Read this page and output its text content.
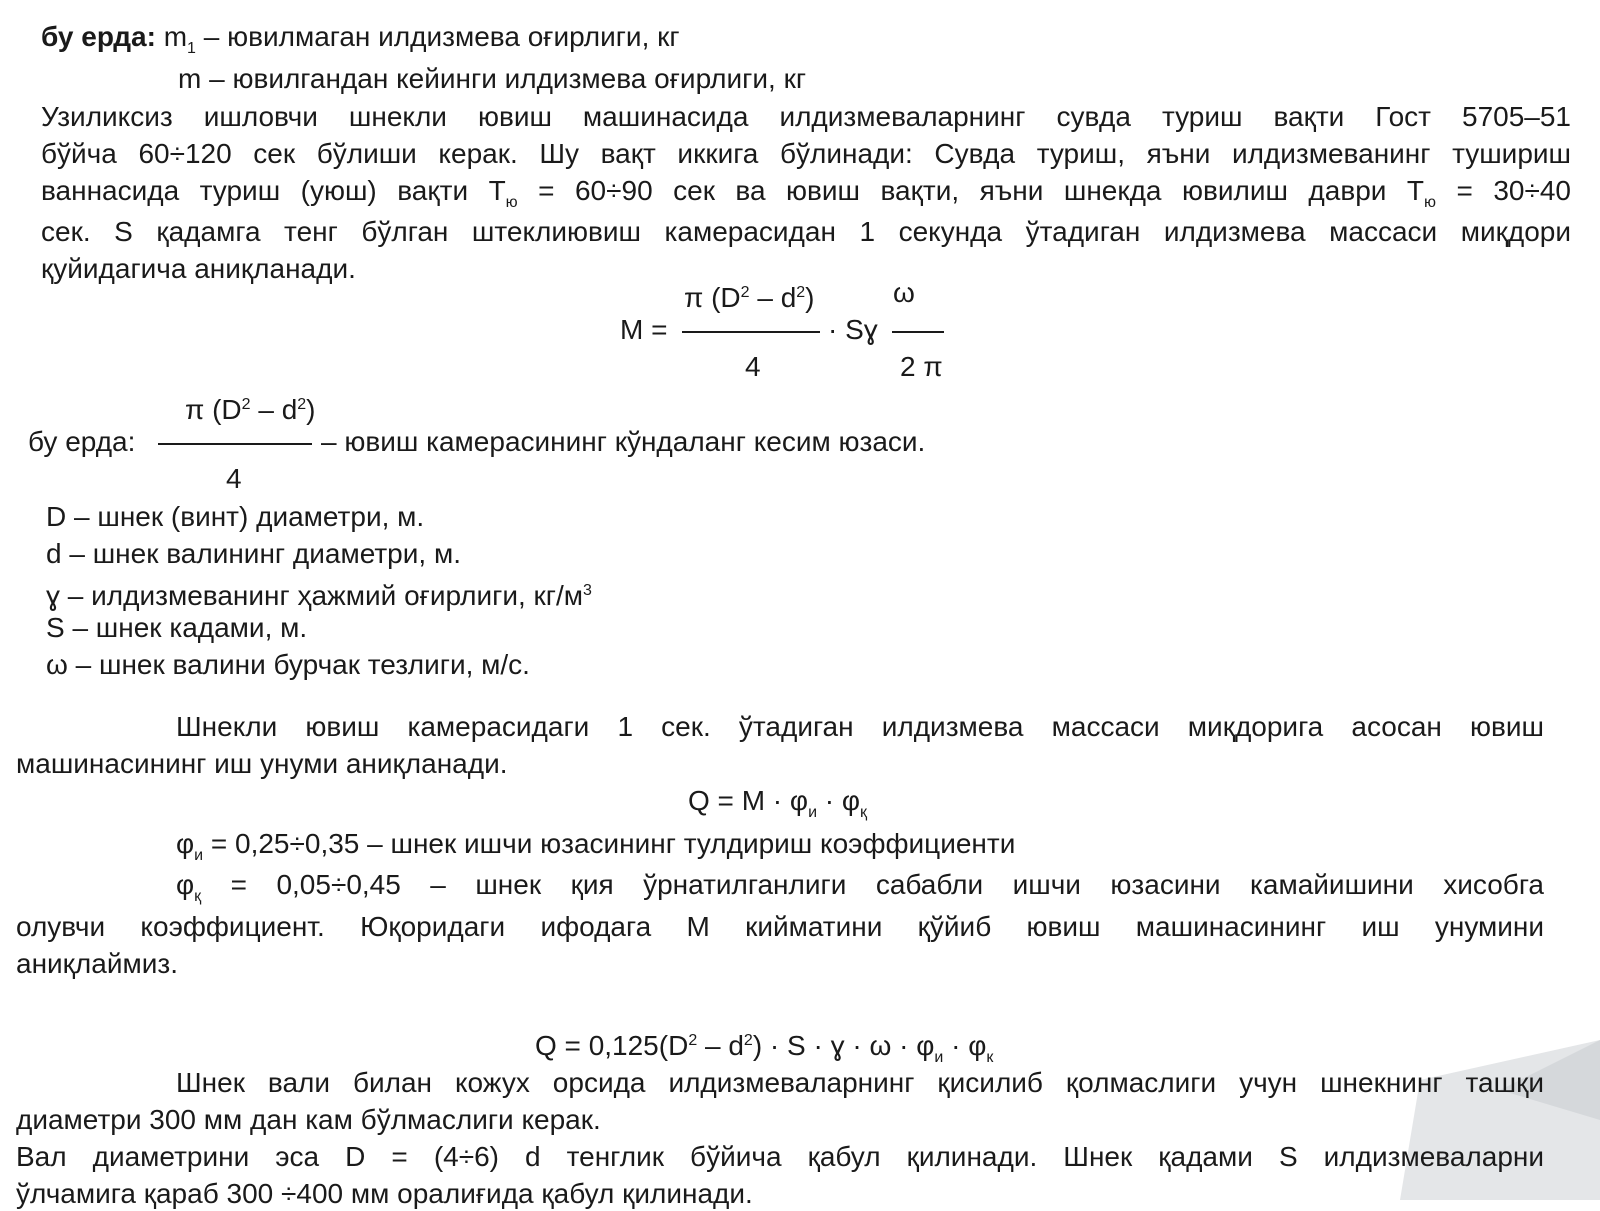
бу ерда: $m_1$ – ювилмаган илдизмева оғирлиги, кг
m – ювилгандан кейинги илдизмева оғирлиги, кг
Узиликсиз ишловчи шнекли ювиш машинасида илдизмеваларнинг сувда туриш вақти Гост 5705–51
бўйча 60÷120 сек бўлиши керак. Шу вақт иккига бўлинади: Сувда туриш, яъни илдизмеванинг тушириш
ваннасида туриш (уюш) вақти $Т_ю = 60\div 90$ сек ва ювиш вақти, яъни шнекда ювилиш даври $Т_ю = 30\div 40$
сек. S қадамга тенг бўлган штеклиювиш камерасидан 1 секунда ўтадиган илдизмева массаси миқдори
қуйидагича аниқланади.
π $(D^2 - d^2)$	ω
M =	· Sɣ
4	2 π
π $(D^2 - d^2)$
бу ерда:	– ювиш камерасининг кўндаланг кесим юзаси.
4
D – шнек (винт) диаметри, м.
d – шнек валининг диаметри, м.
ɣ – илдизмеванинг ҳажмий оғирлиги, $кг/м^3$
S – шнек кадами, м.
ω – шнек валини бурчак тезлиги, м/с.
Шнекли ювиш камерасидаги 1 сек. ўтадиган илдизмева массаси миқдорига асосан ювиш
машинасининг иш унуми аниқланади.
$Q = M \cdot \varphi_и \cdot \varphi_қ$
$\varphi_и = 0,25\div 0,35$ – шнек ишчи юзасининг тулдириш коэффициенти
$\varphi_қ = 0,05\div 0,45$ – шнек қия ўрнатилганлиги сабабли ишчи юзасини камайишини хисобга
олувчи коэффициент. Юқоридаги ифодага М кийматини қўйиб ювиш машинасининг иш унумини
аниқлаймиз.
$Q = 0,125(D^2 - d^2) \cdot S$ · ɣ · $\omega \cdot \varphi_и \cdot \varphi_к$
Шнек вали билан кожух орсида илдизмеваларнинг қисилиб қолмаслиги учун шнекнинг ташқи
диаметри 300 мм дан кам бўлмаслиги керак.
Вал диаметрини эса D = (4÷6) d тенглик бўйича қабул қилинади. Шнек қадами S илдизмеваларни
ўлчамига қараб 300 ÷400 мм оралиғида қабул қилинади.
